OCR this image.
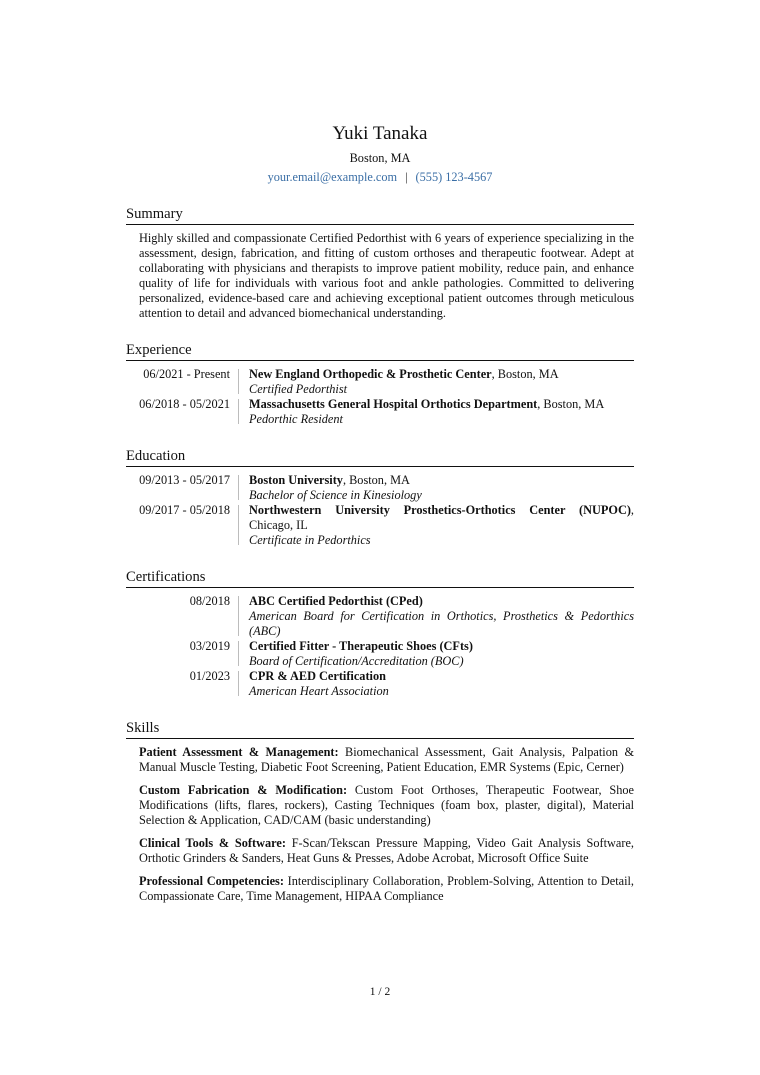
Yuki Tanaka
Boston, MA
your.email@example.com | (555) 123-4567
Summary

Highly skilled and compassionate Certified Pedorthist with 6 years of experience specializing in the assessment, design, fabrication, and fitting of custom orthoses and therapeutic footwear. Adept at collaborating with physicians and therapists to improve patient mobility, reduce pain, and enhance quality of life for individuals with various foot and ankle pathologies. Committed to delivering personalized, evidence-based care and achieving exceptional patient outcomes through meticulous attention to detail and advanced biomechanical understanding.

Experience
06/2021 - Present	New England Orthopedic & Prosthetic Center, Boston, MA
Certified Pedorthist
06/2018 - 05/2021	Massachusetts General Hospital Orthotics Department, Boston, MA
Pedorthic Resident
Education
09/2013 - 05/2017	Boston University, Boston, MA
Bachelor of Science in Kinesiology
09/2017 - 05/2018	Northwestern University Prosthetics-Orthotics Center (NUPOC), Chicago, IL
Certificate in Pedorthics
Certifications
08/2018	ABC Certified Pedorthist (CPed)
American Board for Certification in Orthotics, Prosthetics & Pedorthics (ABC)
03/2019	Certified Fitter - Therapeutic Shoes (CFts)
Board of Certification/Accreditation (BOC)
01/2023	CPR & AED Certification
American Heart Association
Skills
Patient Assessment & Management: Biomechanical Assessment, Gait Analysis, Palpation & Manual Muscle Testing, Diabetic Foot Screening, Patient Education, EMR Systems (Epic, Cerner)
Custom Fabrication & Modification: Custom Foot Orthoses, Therapeutic Footwear, Shoe Modifications (lifts, flares, rockers), Casting Techniques (foam box, plaster, digital), Material Selection & Application, CAD/CAM (basic understanding)
Clinical Tools & Software: F-Scan/Tekscan Pressure Mapping, Video Gait Analysis Software, Orthotic Grinders & Sanders, Heat Guns & Presses, Adobe Acrobat, Microsoft Office Suite
Professional Competencies: Interdisciplinary Collaboration, Problem-Solving, Attention to Detail, Compassionate Care, Time Management, HIPAA Compliance
1 / 2
